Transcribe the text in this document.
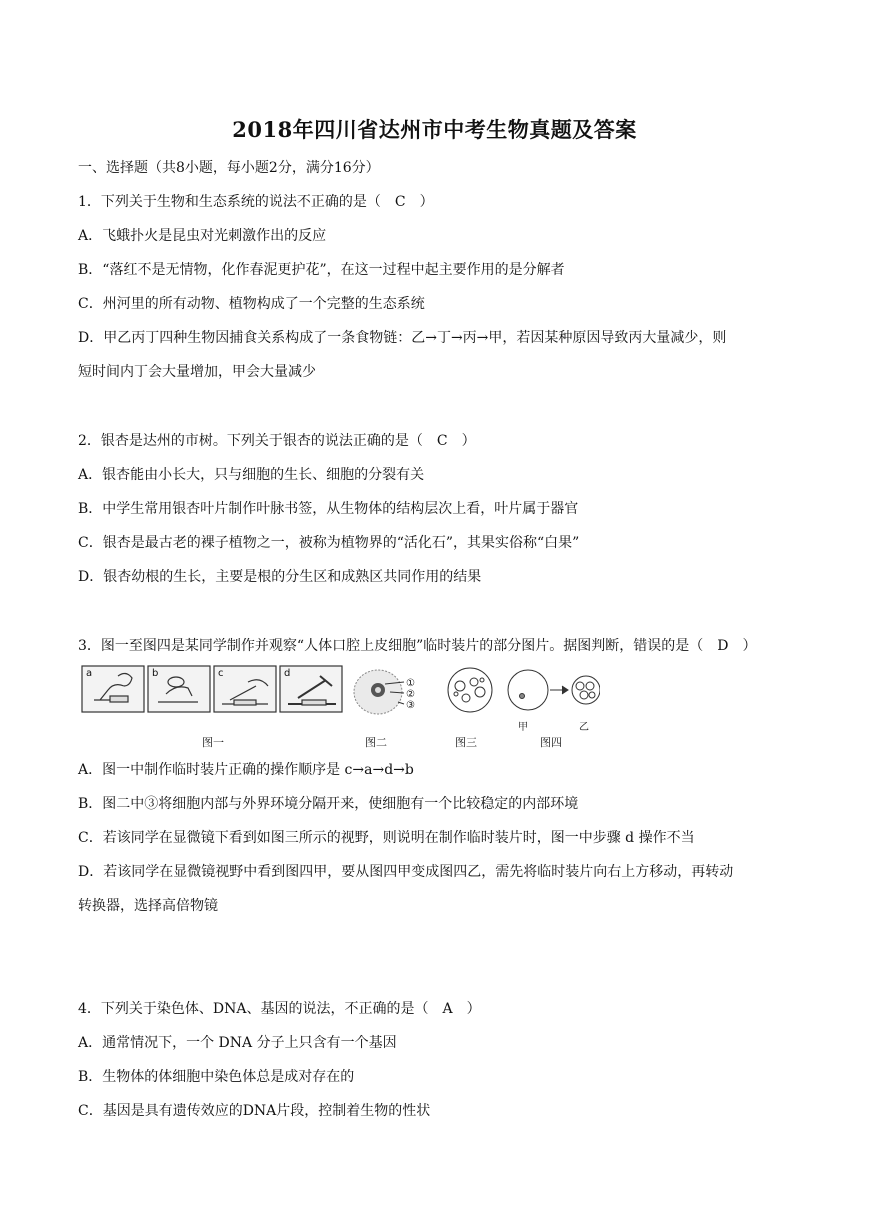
2018年四川省达州市中考生物真题及答案
一、选择题（共8小题，每小题2分，满分16分）
1．下列关于生物和生态系统的说法不正确的是（　C　）
A．飞蛾扑火是昆虫对光刺激作出的反应
B．“落红不是无情物，化作春泥更护花”，在这一过程中起主要作用的是分解者
C．州河里的所有动物、植物构成了一个完整的生态系统
D．甲乙丙丁四种生物因捕食关系构成了一条食物链：乙→丁→丙→甲，若因某种原因导致丙大量减少，则
短时间内丁会大量增加，甲会大量减少
2．银杏是达州的市树。下列关于银杏的说法正确的是（　C　）
A．银杏能由小长大，只与细胞的生长、细胞的分裂有关
B．中学生常用银杏叶片制作叶脉书签，从生物体的结构层次上看，叶片属于器官
C．银杏是最古老的裸子植物之一，被称为植物界的“活化石”，其果实俗称“白果”
D．银杏幼根的生长，主要是根的分生区和成熟区共同作用的结果
3．图一至图四是某同学制作并观察“人体口腔上皮细胞”临时装片的部分图片。据图判断，错误的是（　D　）
a	b	c	d
图一
①
②
③
图二	图三
甲	乙
图四
A．图一中制作临时装片正确的操作顺序是 c→a→d→b
B．图二中③将细胞内部与外界环境分隔开来，使细胞有一个比较稳定的内部环境
C．若该同学在显微镜下看到如图三所示的视野，则说明在制作临时装片时，图一中步骤 d 操作不当
D．若该同学在显微镜视野中看到图四甲，要从图四甲变成图四乙，需先将临时装片向右上方移动，再转动
转换器，选择高倍物镜
4．下列关于染色体、DNA、基因的说法，不正确的是（　A　）
A．通常情况下，一个 DNA 分子上只含有一个基因
B．生物体的体细胞中染色体总是成对存在的
C．基因是具有遗传效应的DNA片段，控制着生物的性状
